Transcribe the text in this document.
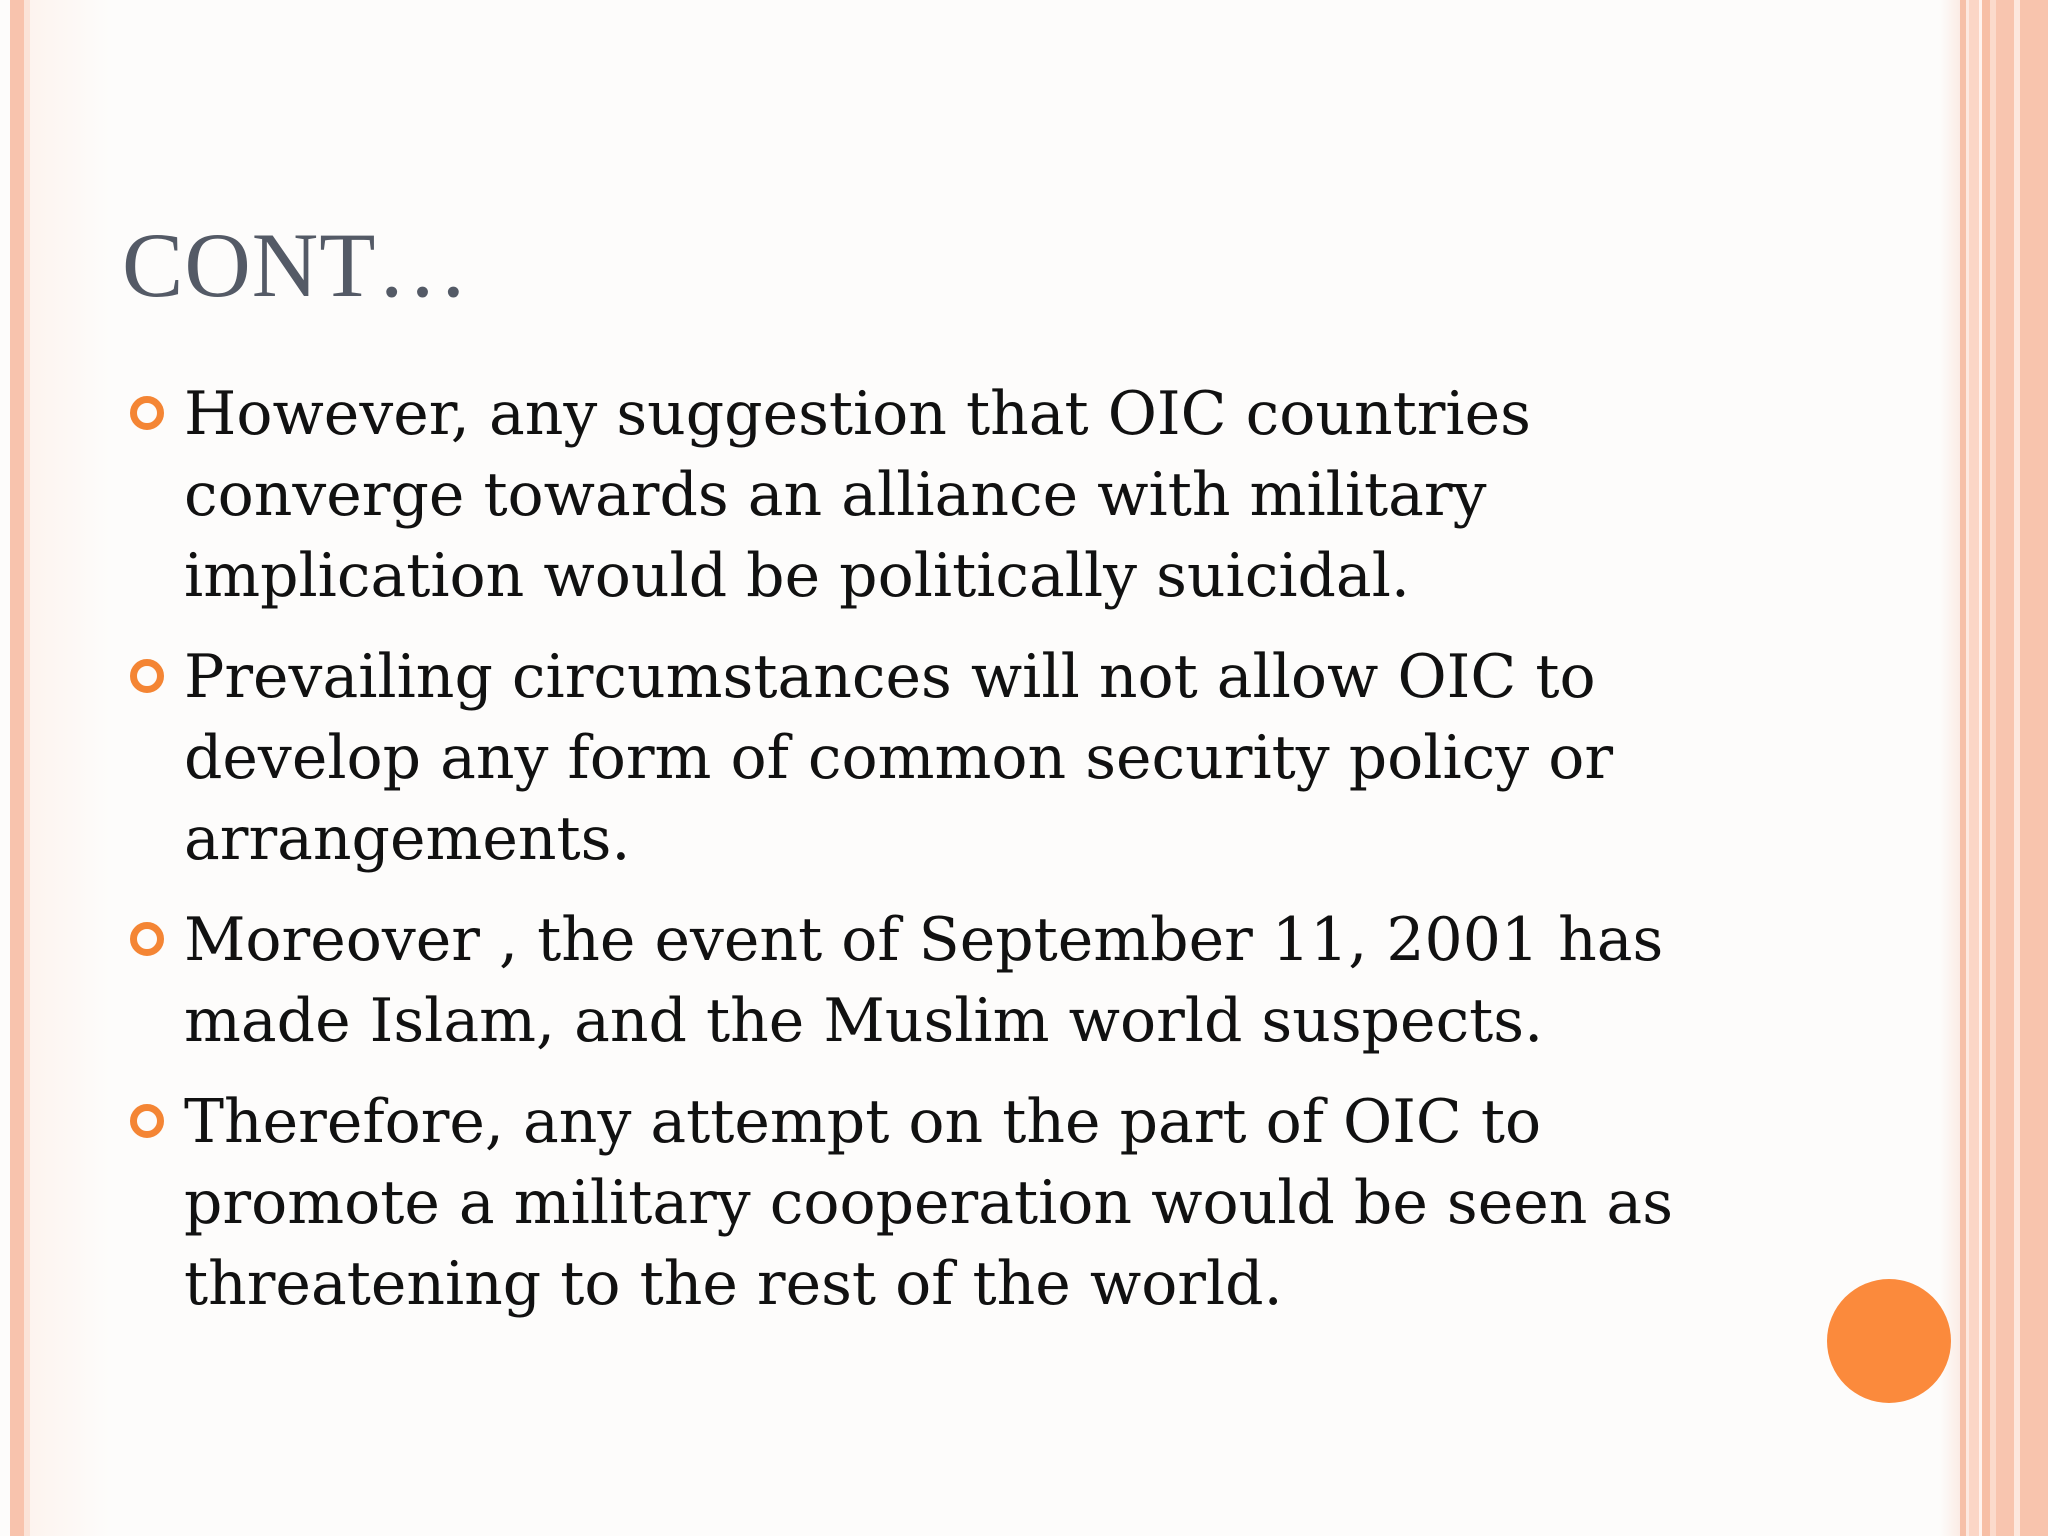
CONT…
However, any suggestion that OIC countries converge towards an alliance with military implication would be politically suicidal.
Prevailing circumstances will not allow OIC to develop any form of common security policy or arrangements.
Moreover , the event of September 11, 2001 has made Islam, and the Muslim world suspects.
Therefore, any attempt on the part of OIC to promote a military cooperation would be seen as threatening to the rest of the world.
